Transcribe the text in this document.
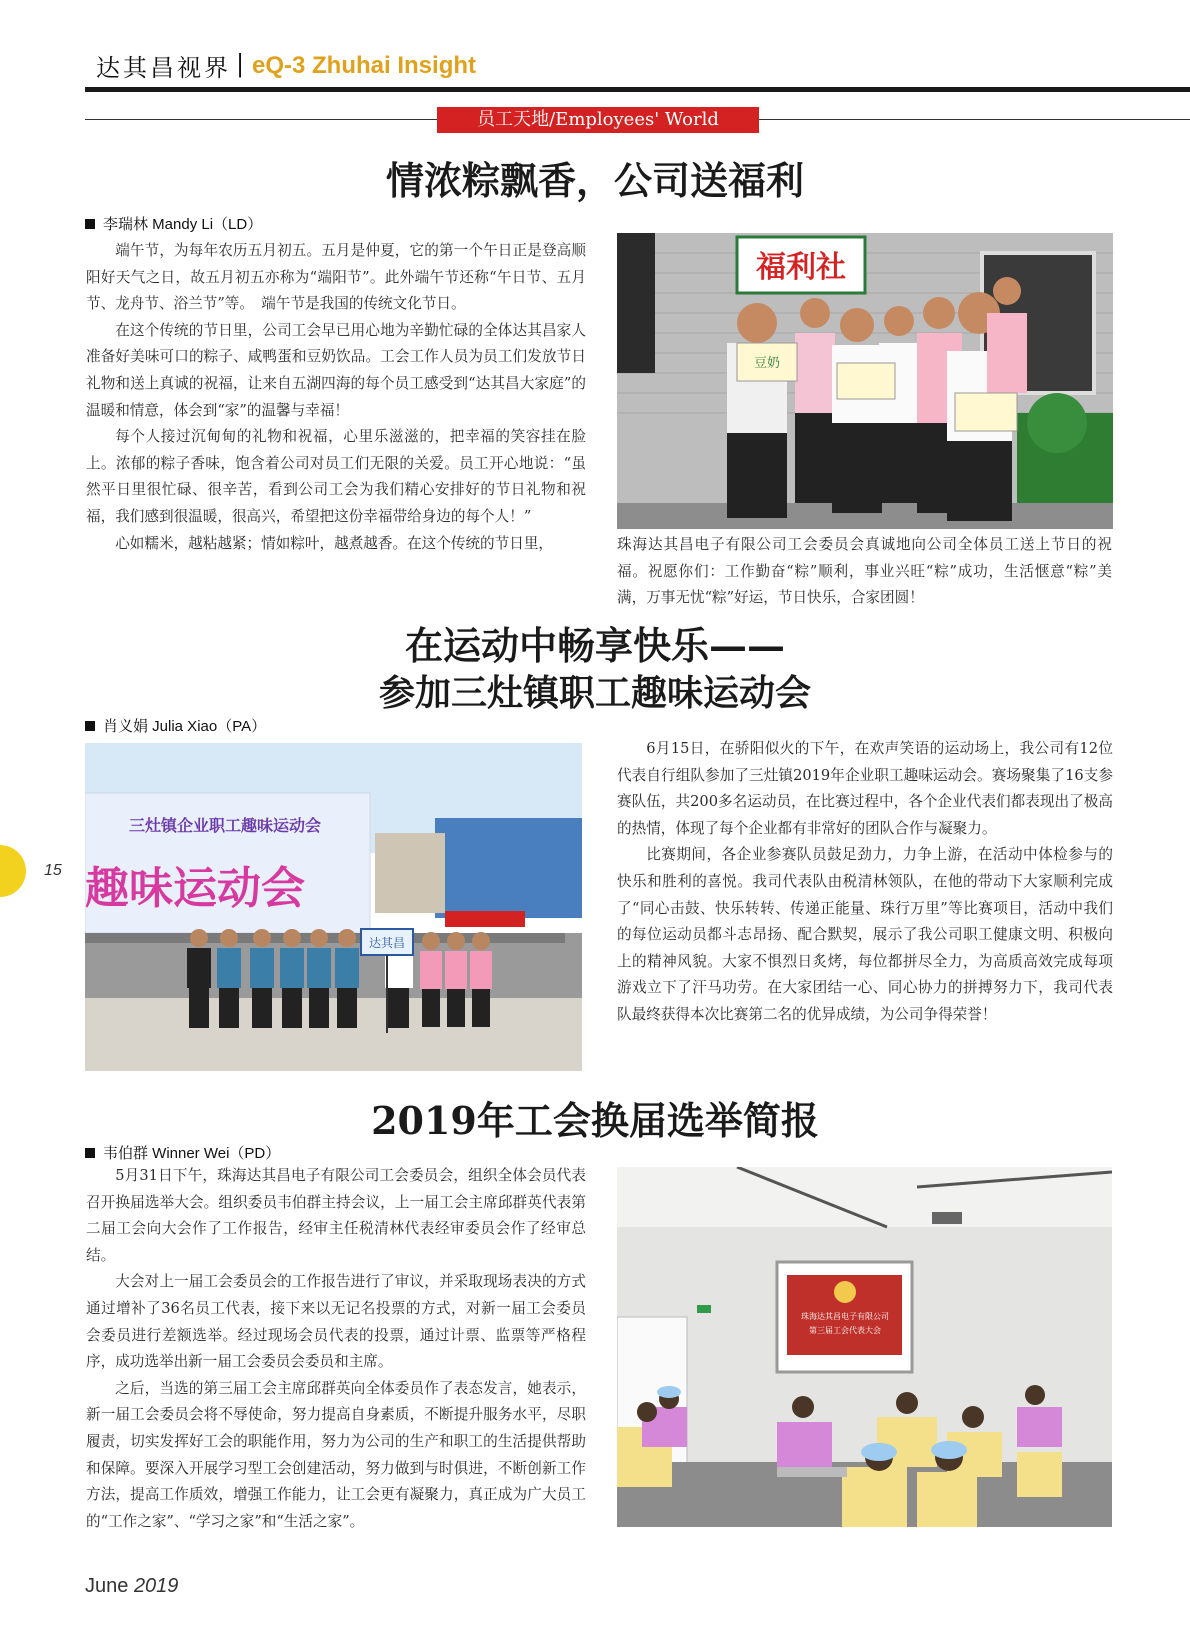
达其昌视界 | eQ-3 Zhuhai Insight
员工天地/Employees' World
情浓粽飘香，公司送福利
李瑞林 Mandy Li（LD）

端午节，为每年农历五月初五。五月是仲夏，它的第一个午日正是登高顺阳好天气之日，故五月初五亦称为“端阳节”。此外端午节还称“午日节、五月节、龙舟节、浴兰节”等。　端午节是我国的传统文化节日。

在这个传统的节日里，公司工会早已用心地为辛勤忙碌的全体达其昌家人准备好美味可口的粽子、咸鸭蛋和豆奶饮品。工会工作人员为员工们发放节日礼物和送上真诚的祝福，让来自五湖四海的每个员工感受到“达其昌大家庭”的温暖和情意，体会到“家”的温馨与幸福！

每个人接过沉甸甸的礼物和祝福，心里乐滋滋的，把幸福的笑容挂在脸上。浓郁的粽子香味，饱含着公司对员工们无限的关爱。员工开心地说：“虽然平日里很忙碌、很辛苦，看到公司工会为我们精心安排好的节日礼物和祝福，我们感到很温暖，很高兴，希望把这份幸福带给身边的每个人！”

心如糯米，越粘越紧；情如粽叶，越煮越香。在这个传统的节日里，

福利社
豆奶
珠海达其昌电子有限公司工会委员会真诚地向公司全体员工送上节日的祝福。祝愿你们：工作勤奋“粽”顺利，事业兴旺“粽”成功，生活惬意“粽”美满，万事无忧“粽”好运，节日快乐，合家团圆！
在运动中畅享快乐——
参加三灶镇职工趣味运动会
肖义娟 Julia Xiao（PA）
三灶镇企业职工趣味运动会
趣味运动会
达其昌

6月15日，在骄阳似火的下午，在欢声笑语的运动场上，我公司有12位代表自行组队参加了三灶镇2019年企业职工趣味运动会。赛场聚集了16支参赛队伍，共200多名运动员，在比赛过程中，各个企业代表们都表现出了极高的热情，体现了每个企业都有非常好的团队合作与凝聚力。

比赛期间，各企业参赛队员鼓足劲力，力争上游，在活动中体检参与的快乐和胜利的喜悦。我司代表队由税清林领队，在他的带动下大家顺利完成了“同心击鼓、快乐转转、传递正能量、珠行万里”等比赛项目，活动中我们的每位运动员都斗志昂扬、配合默契，展示了我公司职工健康文明、积极向上的精神风貌。大家不惧烈日炙烤，每位都拼尽全力，为高质高效完成每项游戏立下了汗马功劳。在大家团结一心、同心协力的拼搏努力下，我司代表队最终获得本次比赛第二名的优异成绩，为公司争得荣誉！

15
2019年工会换届选举简报
韦伯群 Winner Wei（PD）

5月31日下午，珠海达其昌电子有限公司工会委员会，组织全体会员代表召开换届选举大会。组织委员韦伯群主持会议，上一届工会主席邱群英代表第二届工会向大会作了工作报告，经审主任税清林代表经审委员会作了经审总结。

大会对上一届工会委员会的工作报告进行了审议，并采取现场表决的方式通过增补了36名员工代表，接下来以无记名投票的方式，对新一届工会委员会委员进行差额选举。经过现场会员代表的投票，通过计票、监票等严格程序，成功选举出新一届工会委员会委员和主席。

之后，当选的第三届工会主席邱群英向全体委员作了表态发言，她表示，新一届工会委员会将不辱使命，努力提高自身素质，不断提升服务水平，尽职履责，切实发挥好工会的职能作用，努力为公司的生产和职工的生活提供帮助和保障。要深入开展学习型工会创建活动，努力做到与时俱进，不断创新工作方法，提高工作质效，增强工作能力，让工会更有凝聚力，真正成为广大员工的“工作之家”、“学习之家”和“生活之家”。

珠海达其昌电子有限公司
第三届工会代表大会
June 2019
